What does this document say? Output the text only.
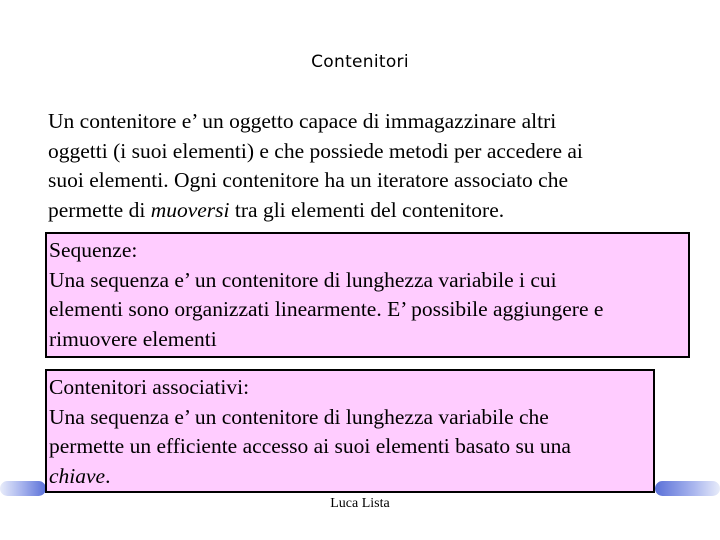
Contenitori
Un contenitore e’ un oggetto capace di immagazzinare altri
oggetti (i suoi elementi) e che possiede metodi per accedere ai
suoi elementi. Ogni contenitore ha un iteratore associato che
permette di muoversi tra gli elementi del contenitore.
Sequenze:
Una sequenza e’ un contenitore di lunghezza variabile i cui
elementi sono organizzati linearmente. E’ possibile aggiungere e
rimuovere elementi
Contenitori associativi:
Una sequenza e’ un contenitore di lunghezza variabile che
permette un efficiente accesso ai suoi elementi basato su una
chiave.
Luca Lista
